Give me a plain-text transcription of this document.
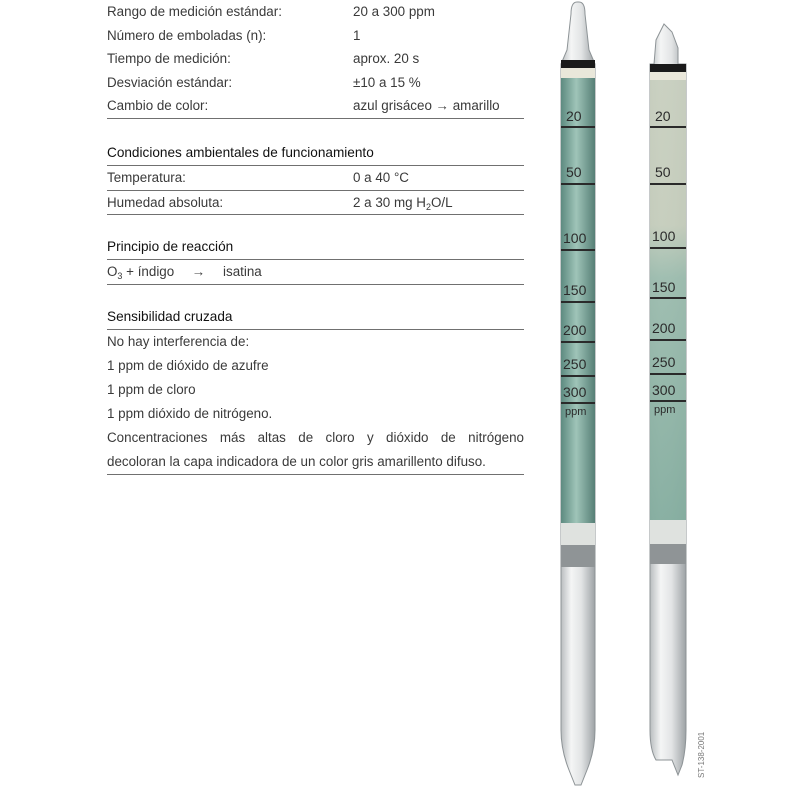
Rango de medición estándar:	20 a 300 ppm
Número de emboladas (n):	1
Tiempo de medición:	aprox. 20 s
Desviación estándar:	±10 a 15 %
Cambio de color:	azul grisáceo → amarillo
Condiciones ambientales de funcionamiento
Temperatura:	0 a 40 °C
Humedad absoluta:	2 a 30 mg $H_2O/L$
Principio de reacción
$O_3$ + índigo → isatina
Sensibilidad cruzada
No hay interferencia de:
1 ppm de dióxido de azufre
1 ppm de cloro
1 ppm dióxido de nitrógeno.
Concentraciones más altas de cloro y dióxido de nitrógeno
decoloran la capa indicadora de un color gris amarillento difuso.
20
50
100
150
200
250
300
ppm
20
50
100
150
200
250
300
ppm
ST-138-2001
